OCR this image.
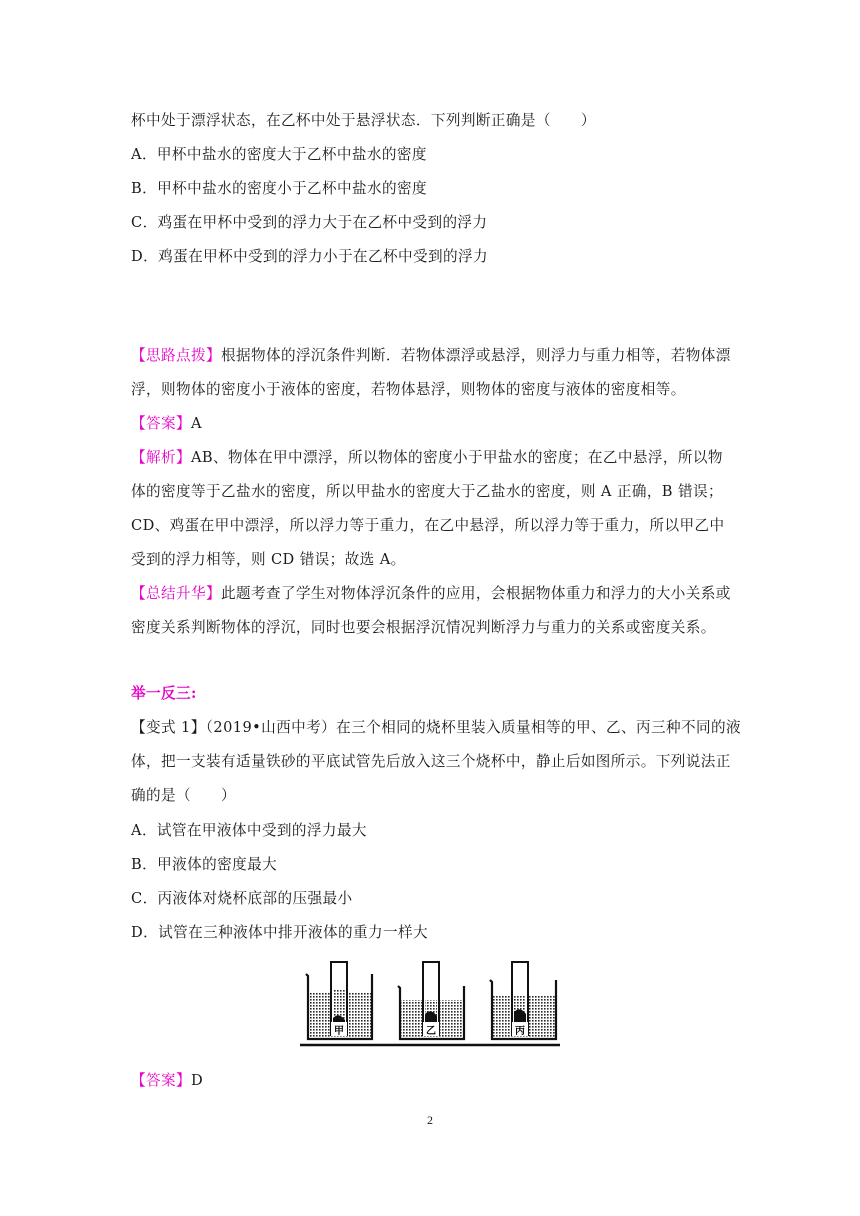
杯中处于漂浮状态，在乙杯中处于悬浮状态．下列判断正确是（　　）
A．甲杯中盐水的密度大于乙杯中盐水的密度
B．甲杯中盐水的密度小于乙杯中盐水的密度
C．鸡蛋在甲杯中受到的浮力大于在乙杯中受到的浮力
D．鸡蛋在甲杯中受到的浮力小于在乙杯中受到的浮力
【思路点拨】根据物体的浮沉条件判断．若物体漂浮或悬浮，则浮力与重力相等，若物体漂
浮，则物体的密度小于液体的密度，若物体悬浮，则物体的密度与液体的密度相等。
【答案】A
【解析】AB、物体在甲中漂浮，所以物体的密度小于甲盐水的密度；在乙中悬浮，所以物
体的密度等于乙盐水的密度，所以甲盐水的密度大于乙盐水的密度，则 A 正确，B 错误；
CD、鸡蛋在甲中漂浮，所以浮力等于重力，在乙中悬浮，所以浮力等于重力，所以甲乙中
受到的浮力相等，则 CD 错误；故选 A。
【总结升华】此题考查了学生对物体浮沉条件的应用，会根据物体重力和浮力的大小关系或
密度关系判断物体的浮沉，同时也要会根据浮沉情况判断浮力与重力的关系或密度关系。
举一反三:
【变式 1】（2019•山西中考）在三个相同的烧杯里装入质量相等的甲、乙、丙三种不同的液
体，把一支装有适量铁砂的平底试管先后放入这三个烧杯中，静止后如图所示。下列说法正
确的是（　　）
A．试管在甲液体中受到的浮力最大
B．甲液体的密度最大
C．丙液体对烧杯底部的压强最小
D．试管在三种液体中排开液体的重力一样大
甲	乙	丙
【答案】D
2
